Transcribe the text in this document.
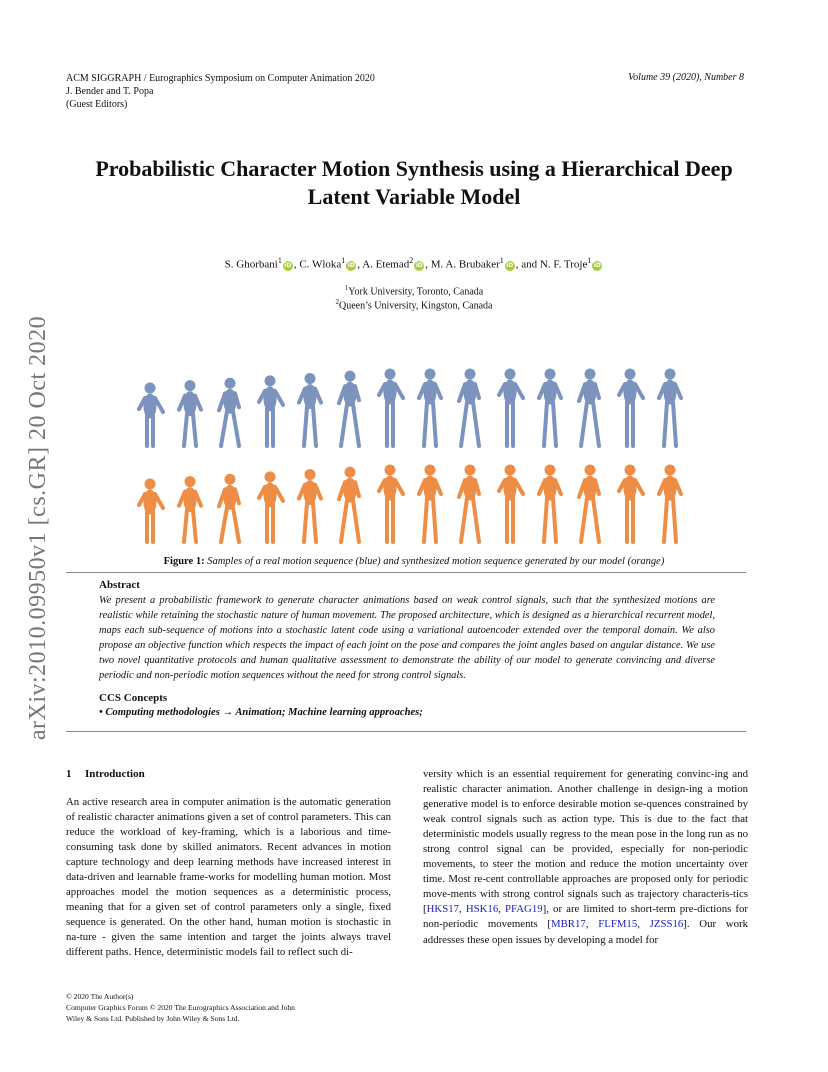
ACM SIGGRAPH / Eurographics Symposium on Computer Animation 2020
J. Bender and T. Popa
(Guest Editors)
Volume 39 (2020), Number 8
Probabilistic Character Motion Synthesis using a Hierarchical Deep
Latent Variable Model
S. Ghorbani$^1$iD , C. Wloka$^1$iD , A. Etemad$^2$iD , M. A. Brubaker$^1$iD , and N. F. Troje$^1$iD
$^1$York University, Toronto, Canada
$^2$Queen’s University, Kingston, Canada
arXiv:2010.09950v1 [cs.GR] 20 Oct 2020	Figure 1: Samples of a real motion sequence (blue) and synthesized motion sequence generated by our model (orange)
Abstract
We present a probabilistic framework to generate character animations based on weak control signals, such that the synthesized motions are realistic while retaining the stochastic nature of human movement. The proposed architecture, which is designed as a hierarchical recurrent model, maps each sub-sequence of motions into a stochastic latent code using a variational autoencoder extended over the temporal domain. We also propose an objective function which respects the impact of each joint on the pose and compares the joint angles based on angular distance. We use two novel quantitative protocols and human qualitative assessment to demonstrate the ability of our model to generate convincing and diverse periodic and non-periodic motion sequences without the need for strong control signals.
CCS Concepts
• Computing methodologies → Animation; Machine learning approaches;
1 Introduction
An active research area in computer animation is the automatic generation of realistic character animations given a set of control parameters. This can reduce the workload of key-framing, which is a laborious and time-consuming task done by skilled animators. Recent advances in motion capture technology and deep learning methods have increased interest in data-driven and learnable frame-works for modelling human motion. Most approaches model the motion sequences as a deterministic process, meaning that for a given set of control parameters only a single, fixed sequence is generated. On the other hand, human motion is stochastic in na-ture - given the same intention and target the joints always travel different paths. Hence, deterministic models fail to reflect such di-
versity which is an essential requirement for generating convinc-ing and realistic character animation. Another challenge in design-ing a motion generative model is to enforce desirable motion se-quences constrained by weak control signals such as action type. This is due to the fact that deterministic models usually regress to the mean pose in the long run as no strong control signal can be provided, especially for non-periodic movements, to steer the motion and reduce the motion uncertainty over time. Most re-cent controllable approaches are proposed only for periodic move-ments with strong control signals such as trajectory characteris-tics [HKS17, HSK16, PFAG19], or are limited to short-term pre-dictions for non-periodic movements [MBR17, FLFM15, JZSS16]. Our work addresses these open issues by developing a model for
© 2020 The Author(s)
Computer Graphics Forum © 2020 The Eurographics Association and John
Wiley & Sons Ltd. Published by John Wiley & Sons Ltd.
